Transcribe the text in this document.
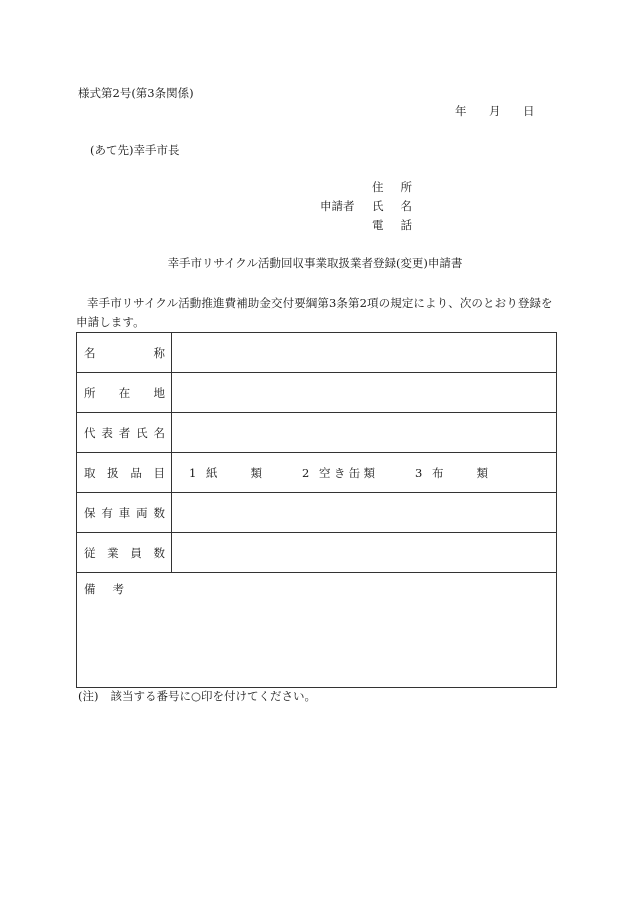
様式第2号(第3条関係)
年 月 日
(あて先)幸手市長
住所
申請者	氏名
電話
幸手市リサイクル活動回収事業取扱業者登録(変更)申請書
幸手市リサイクル活動推進費補助金交付要綱第3条第2項の規定により、次のとおり登録を申請します。
名称	

所在地	

代表者氏名	

取扱品目	1 紙類 2 空き缶類 3 布類

保有車両数	

従業員数	

備考	
(注) 該当する番号に○印を付けてください。
